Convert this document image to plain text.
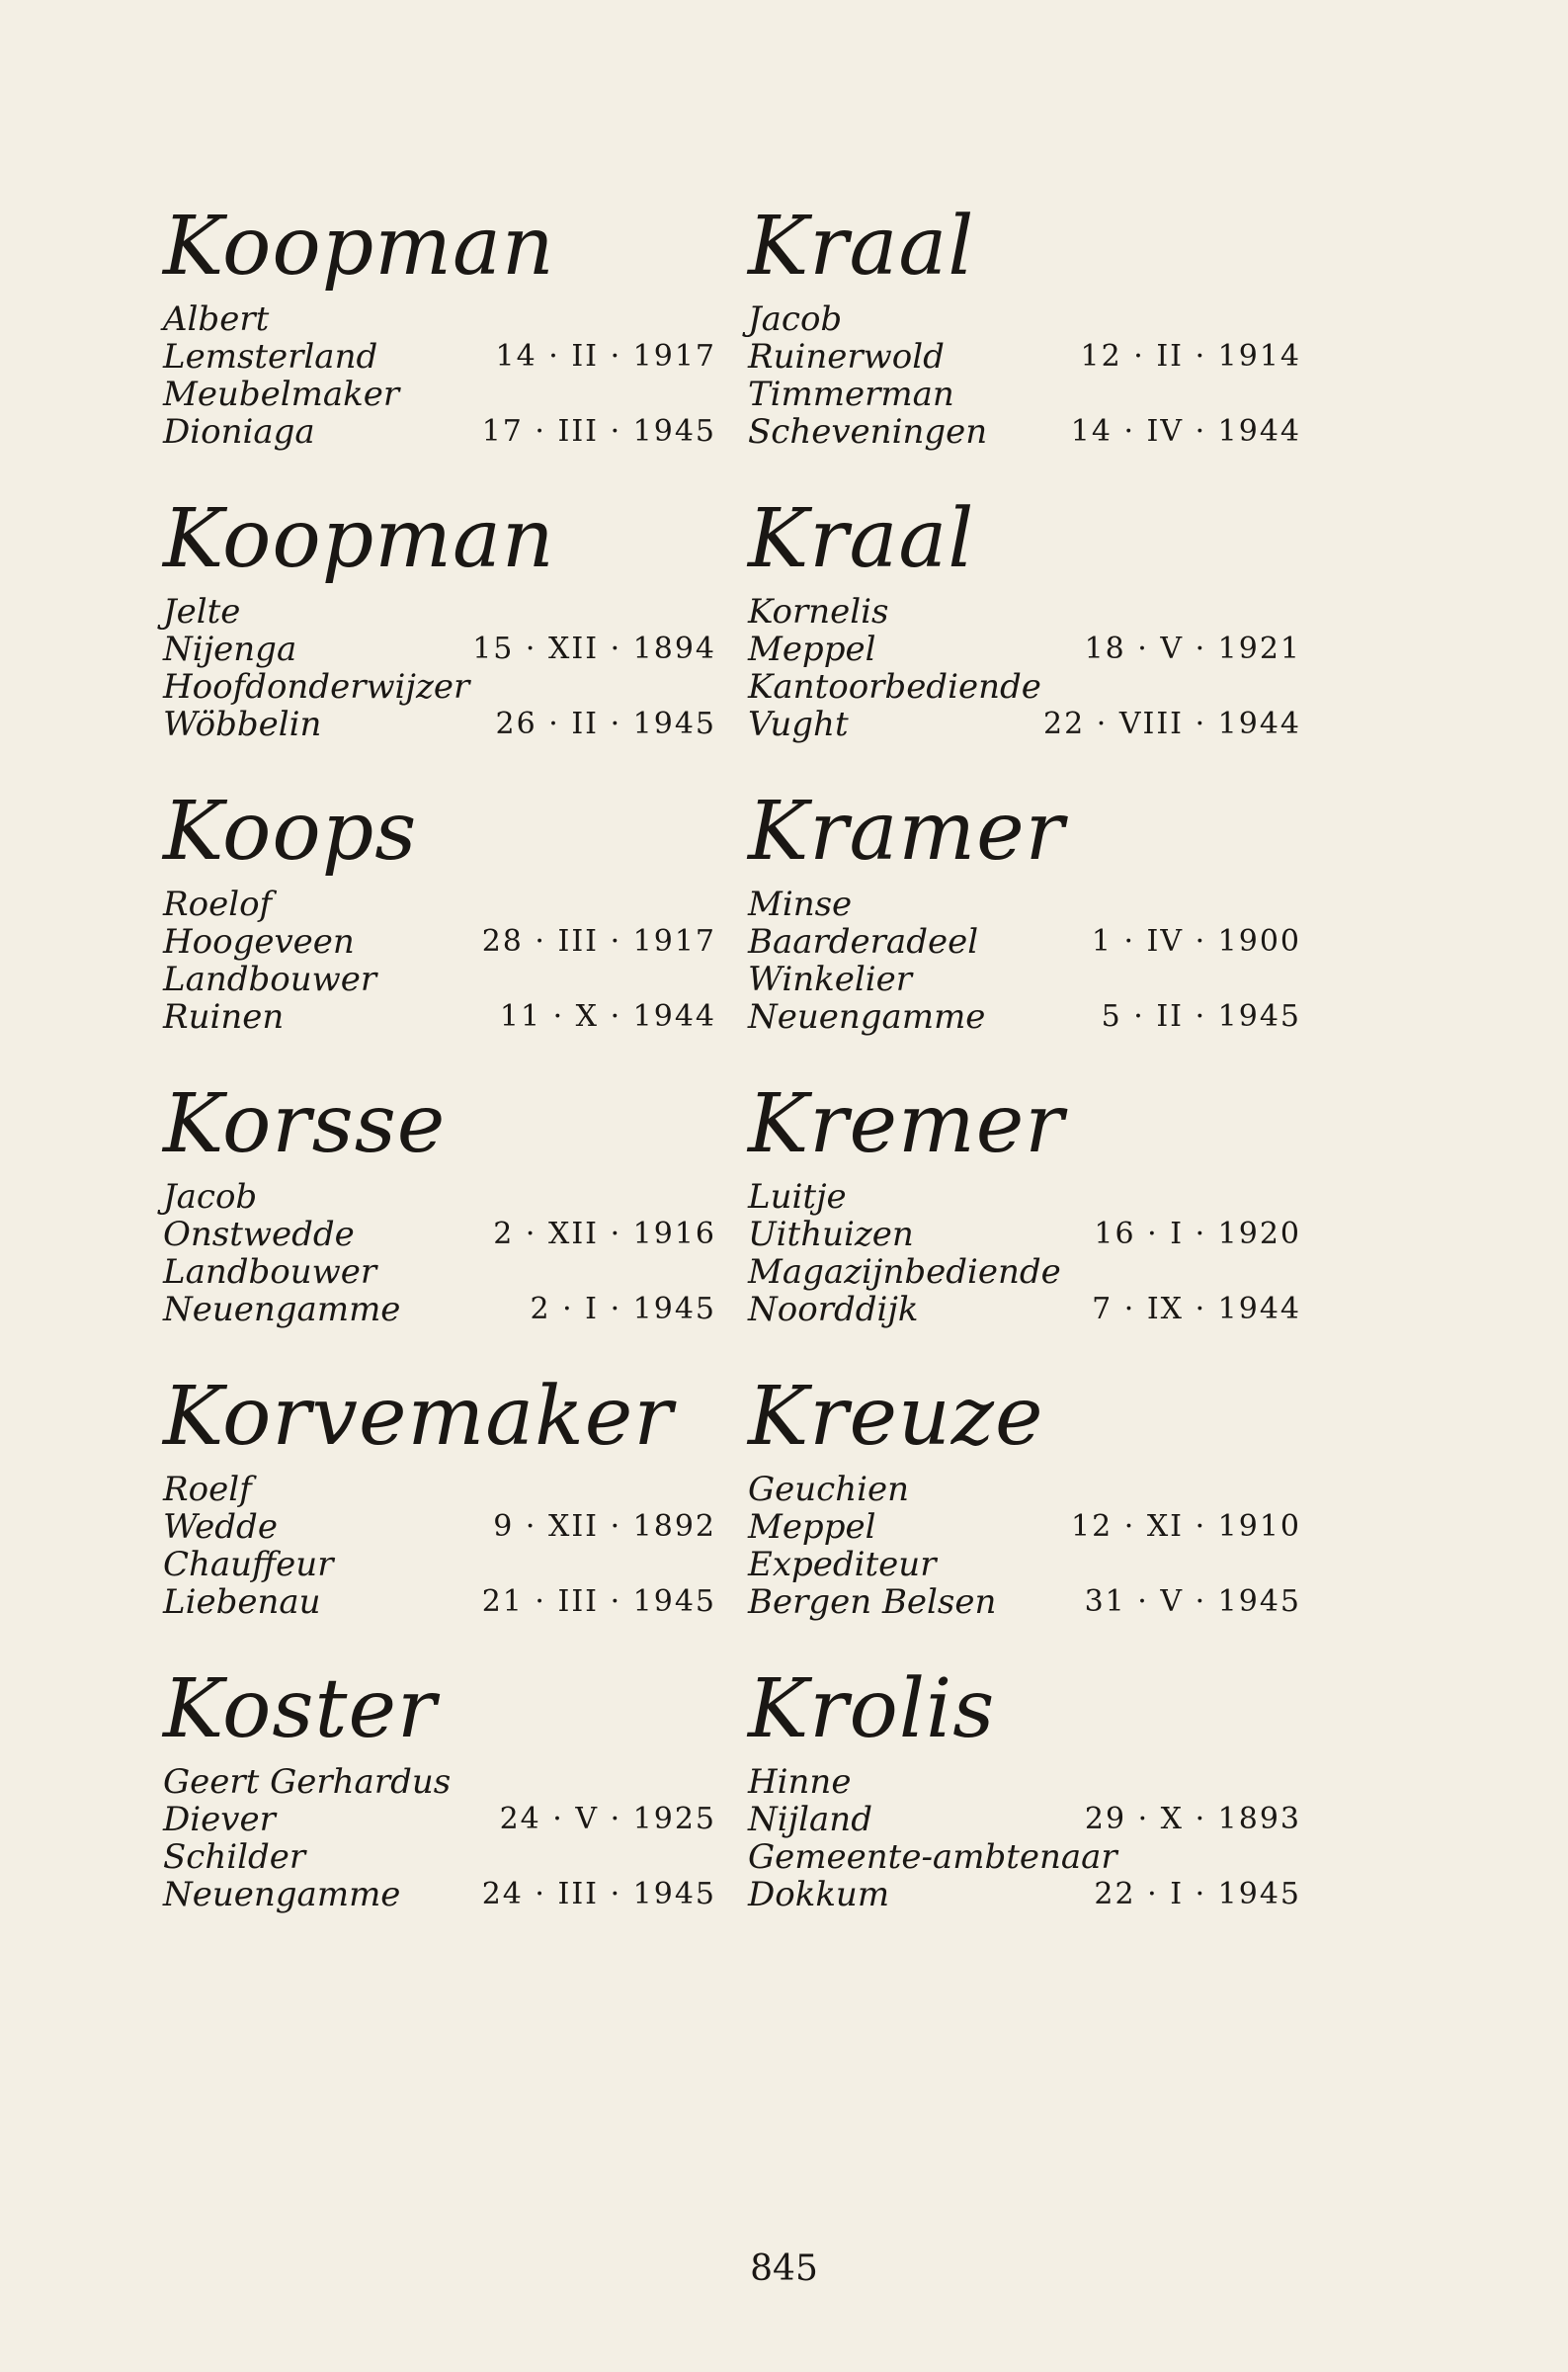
Koopman
Albert
Lemsterland	14 · II · 1917
Meubelmaker
Dioniaga	17 · III · 1945
Koopman
Jelte
Nijenga	15 · XII · 1894
Hoofdonderwijzer
Wöbbelin	26 · II · 1945
Koops
Roelof
Hoogeveen	28 · III · 1917
Landbouwer
Ruinen	11 · X · 1944
Korsse
Jacob
Onstwedde	2 · XII · 1916
Landbouwer
Neuengamme	2 · I · 1945
Korvemaker
Roelf
Wedde	9 · XII · 1892
Chauffeur
Liebenau	21 · III · 1945
Koster
Geert Gerhardus
Diever	24 · V · 1925
Schilder
Neuengamme	24 · III · 1945
Kraal
Jacob
Ruinerwold	12 · II · 1914
Timmerman
Scheveningen	14 · IV · 1944
Kraal
Kornelis
Meppel	18 · V · 1921
Kantoorbediende
Vught	22 · VIII · 1944
Kramer
Minse
Baarderadeel	1 · IV · 1900
Winkelier
Neuengamme	5 · II · 1945
Kremer
Luitje
Uithuizen	16 · I · 1920
Magazijnbediende
Noorddijk	7 · IX · 1944
Kreuze
Geuchien
Meppel	12 · XI · 1910
Expediteur
Bergen Belsen	31 · V · 1945
Krolis
Hinne
Nijland	29 · X · 1893
Gemeente-ambtenaar
Dokkum	22 · I · 1945
845
